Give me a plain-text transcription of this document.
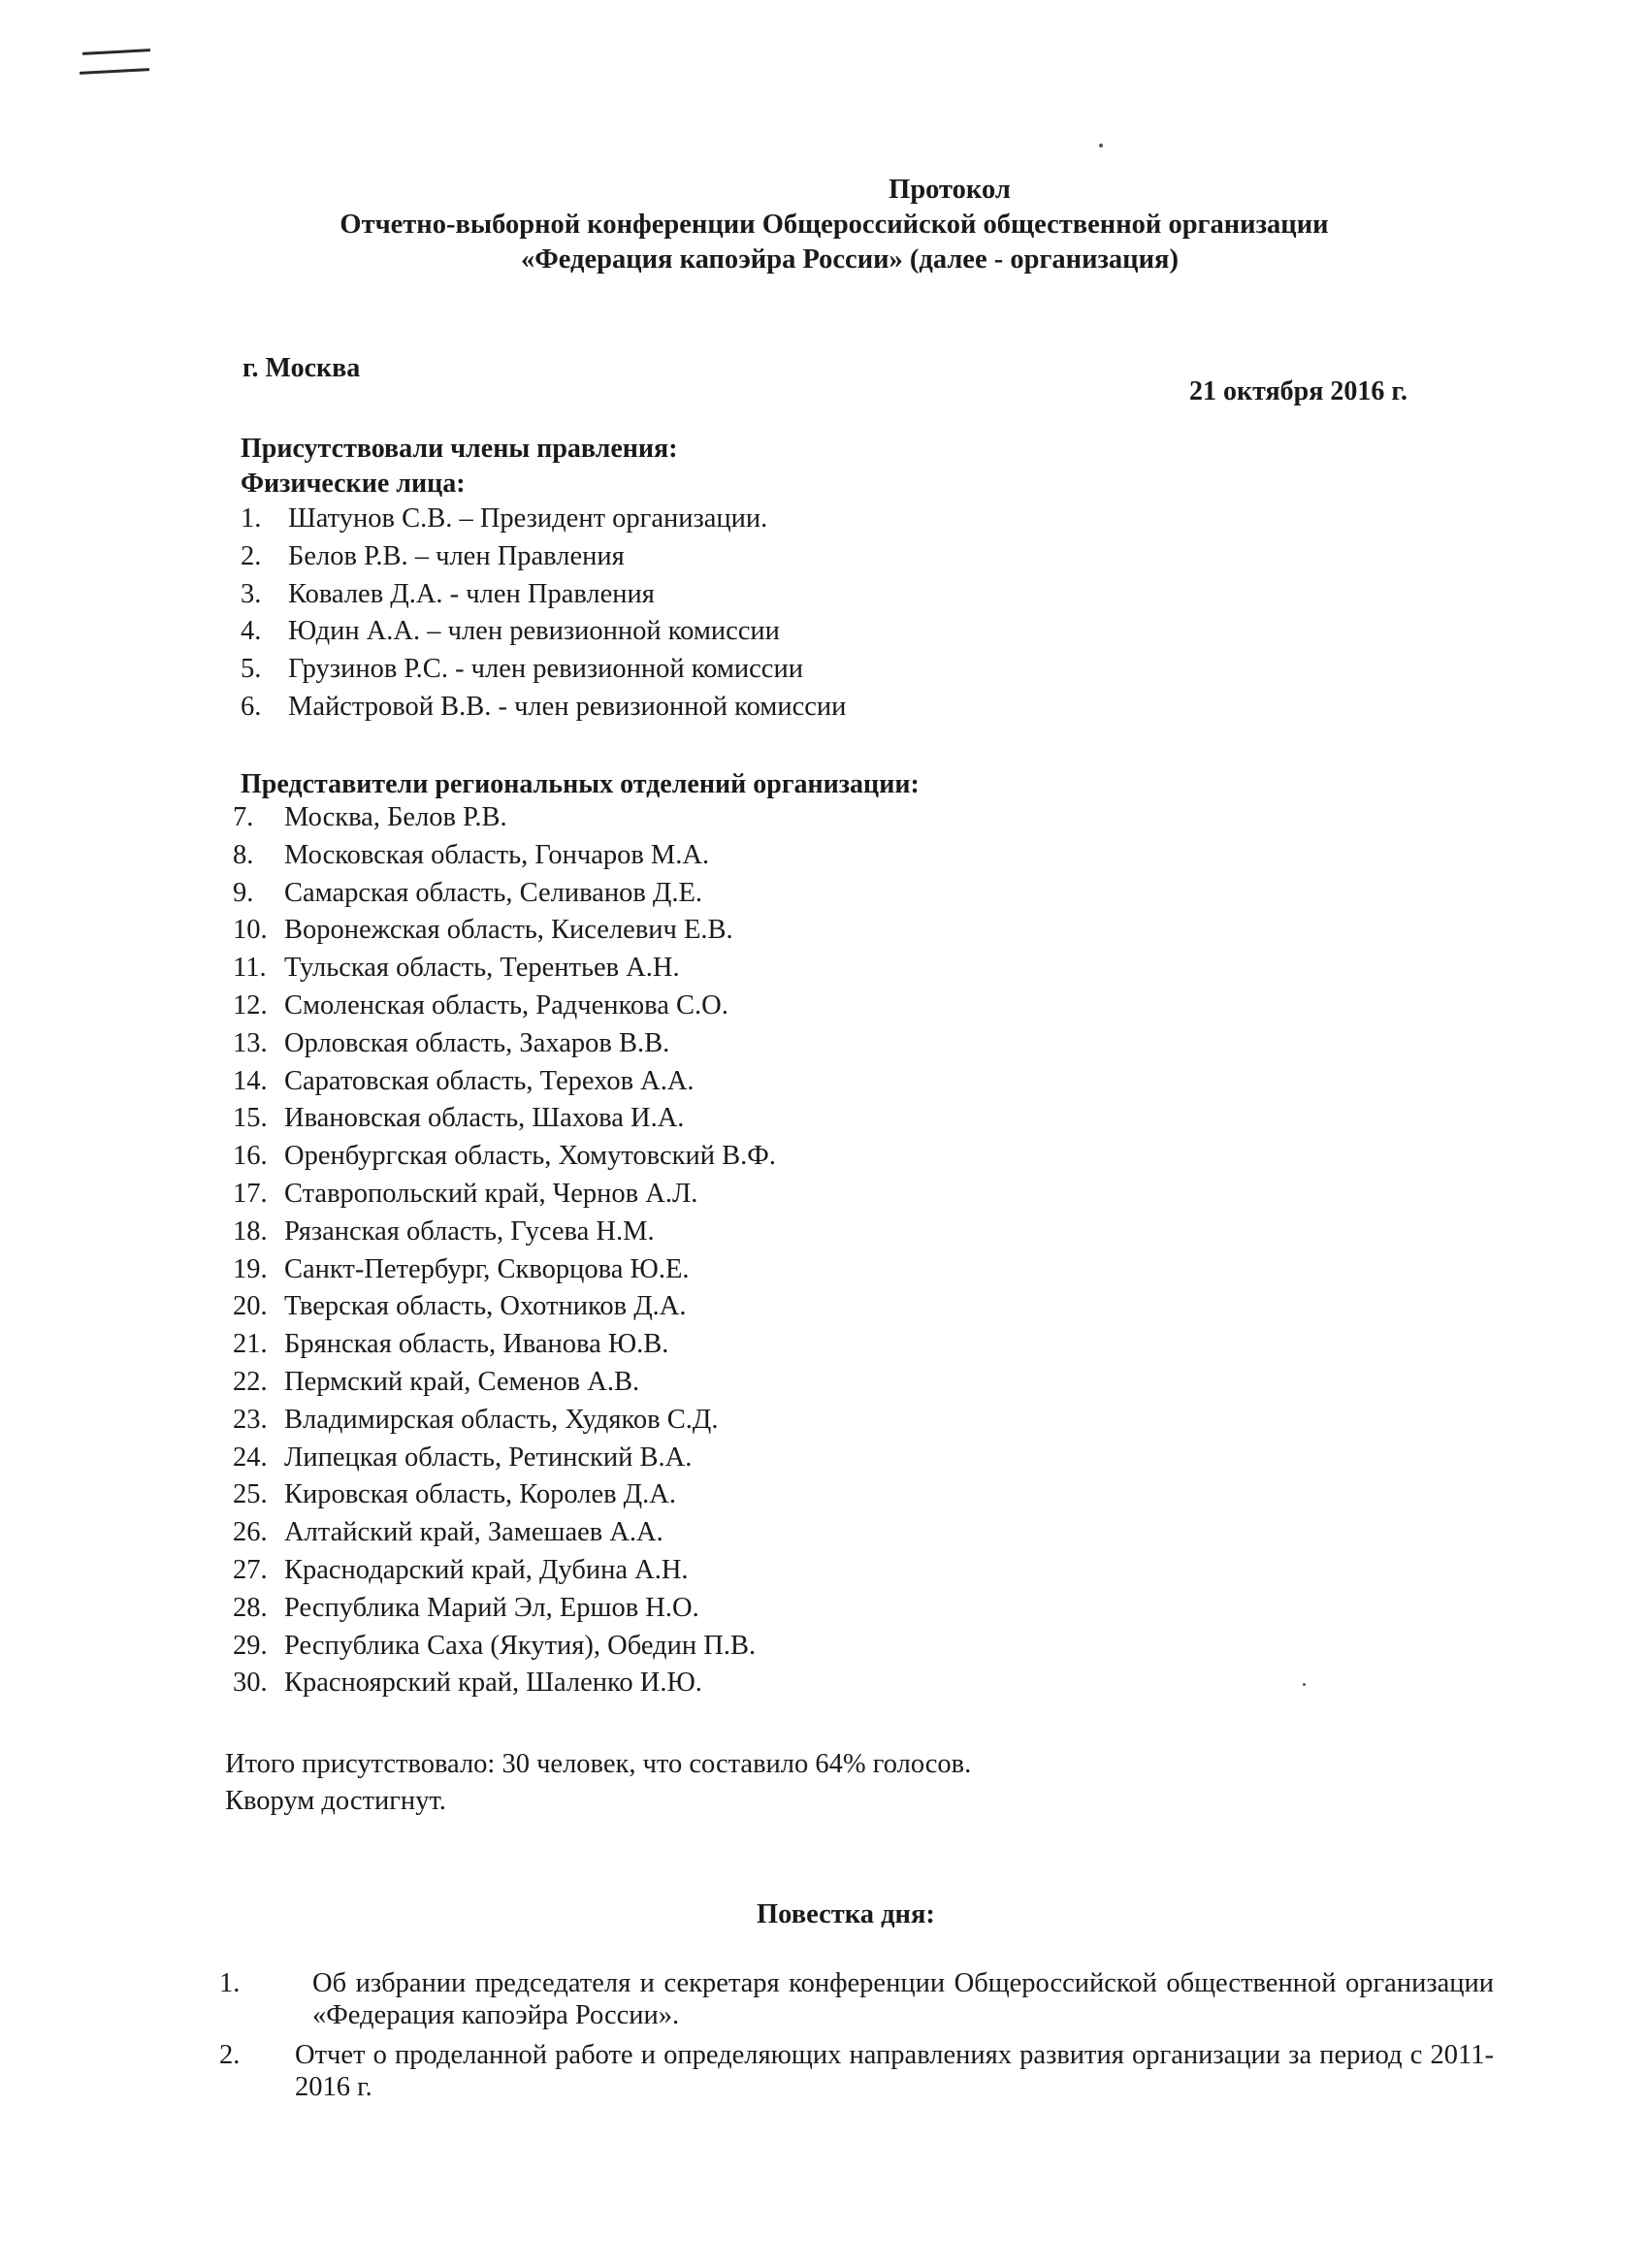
Протокол
Отчетно-выборной конференции Общероссийской общественной организации
«Федерация капоэйра России» (далее - организация)
г. Москва
21 октября 2016 г.
Присутствовали члены правления:
Физические лица:
1. Шатунов С.В. – Президент организации.
2. Белов Р.В. – член Правления
3. Ковалев Д.А. - член Правления
4. Юдин А.А. – член ревизионной комиссии
5. Грузинов Р.С. - член ревизионной комиссии
6. Майстровой В.В. - член ревизионной комиссии
Представители региональных отделений организации:
7. Москва, Белов Р.В.
8. Московская область, Гончаров М.А.
9. Самарская область, Селиванов Д.Е.
10. Воронежская область, Киселевич Е.В.
11. Тульская область, Терентьев А.Н.
12. Смоленская область, Радченкова С.О.
13. Орловская область, Захаров В.В.
14. Саратовская область, Терехов А.А.
15. Ивановская область, Шахова И.А.
16. Оренбургская область, Хомутовский В.Ф.
17. Ставропольский край, Чернов А.Л.
18. Рязанская область, Гусева Н.М.
19. Санкт-Петербург, Скворцова Ю.Е.
20. Тверская область, Охотников Д.А.
21. Брянская область, Иванова Ю.В.
22. Пермский край, Семенов А.В.
23. Владимирская область, Худяков С.Д.
24. Липецкая область, Ретинский В.А.
25. Кировская область, Королев Д.А.
26. Алтайский край, Замешаев А.А.
27. Краснодарский край, Дубина А.Н.
28. Республика Марий Эл, Ершов Н.О.
29. Республика Саха (Якутия), Обедин П.В.
30. Красноярский край, Шаленко И.Ю.
Итого присутствовало: 30 человек, что составило 64% голосов.
Кворум достигнут.
Повестка дня:
1.	Об избрании председателя и секретаря конференции Общероссийской общественной организации «Федерация капоэйра России».
2. Отчет о проделанной работе и определяющих направлениях развития организации за период с 2011-2016 г.
